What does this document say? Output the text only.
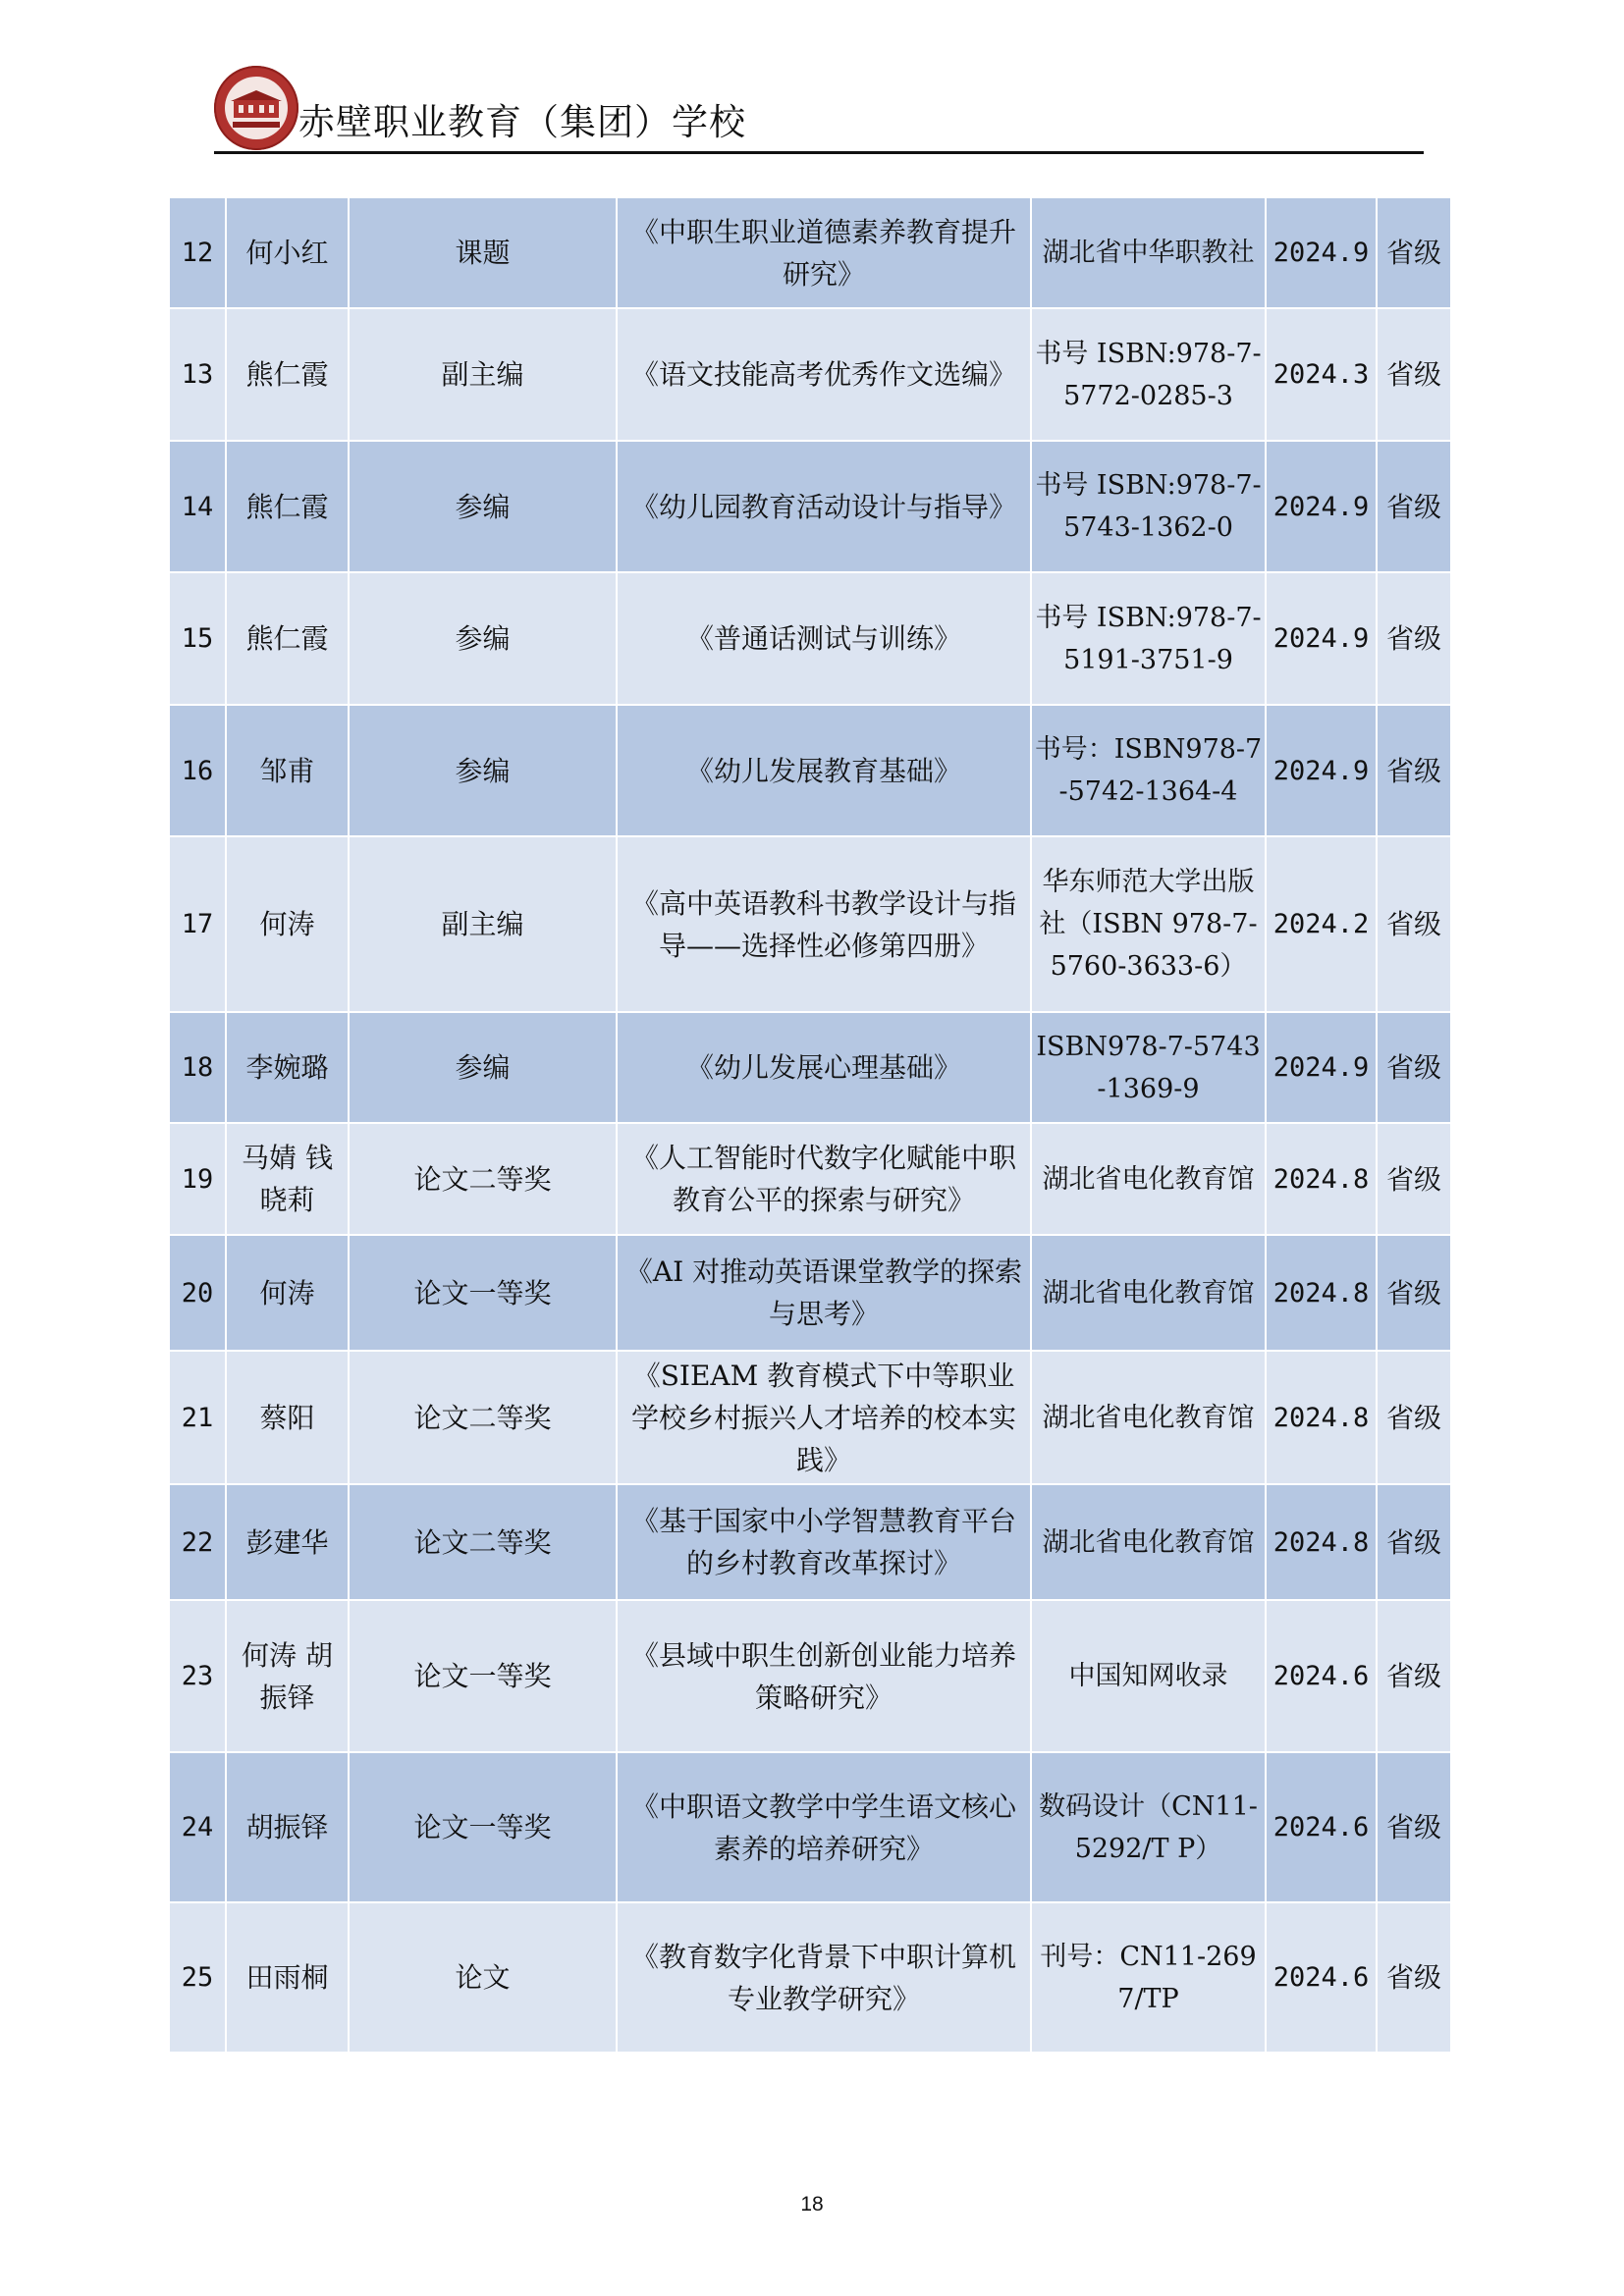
赤壁职业教育（集团）学校
12	何小红	课题	《中职生职业道德素养教育提升研究》	湖北省中华职教社	2024.9	省级
13	熊仁霞	副主编	《语文技能高考优秀作文选编》	书号 ISBN:978-7-5772-0285-3	2024.3	省级
14	熊仁霞	参编	《幼儿园教育活动设计与指导》	书号 ISBN:978-7-5743-1362-0	2024.9	省级
15	熊仁霞	参编	《普通话测试与训练》	书号 ISBN:978-7-5191-3751-9	2024.9	省级
16	邹甫	参编	《幼儿发展教育基础》	书号：ISBN978-7-5742-1364-4	2024.9	省级
17	何涛	副主编	《高中英语教科书教学设计与指导——选择性必修第四册》	华东师范大学出版社（ISBN 978-7-5760-3633-6）	2024.2	省级
18	李婉璐	参编	《幼儿发展心理基础》	ISBN978-7-5743-1369-9	2024.9	省级
19	马婧 钱晓莉	论文二等奖	《人工智能时代数字化赋能中职教育公平的探索与研究》	湖北省电化教育馆	2024.8	省级
20	何涛	论文一等奖	《AI 对推动英语课堂教学的探索与思考》	湖北省电化教育馆	2024.8	省级
21	蔡阳	论文二等奖	《SIEAM 教育模式下中等职业学校乡村振兴人才培养的校本实践》	湖北省电化教育馆	2024.8	省级
22	彭建华	论文二等奖	《基于国家中小学智慧教育平台的乡村教育改革探讨》	湖北省电化教育馆	2024.8	省级
23	何涛 胡振铎	论文一等奖	《县域中职生创新创业能力培养策略研究》	中国知网收录	2024.6	省级
24	胡振铎	论文一等奖	《中职语文教学中学生语文核心素养的培养研究》	数码设计（CN11-5292/T P）	2024.6	省级
25	田雨桐	论文	《教育数字化背景下中职计算机专业教学研究》	刊号：CN11-2697/TP	2024.6	省级
18
